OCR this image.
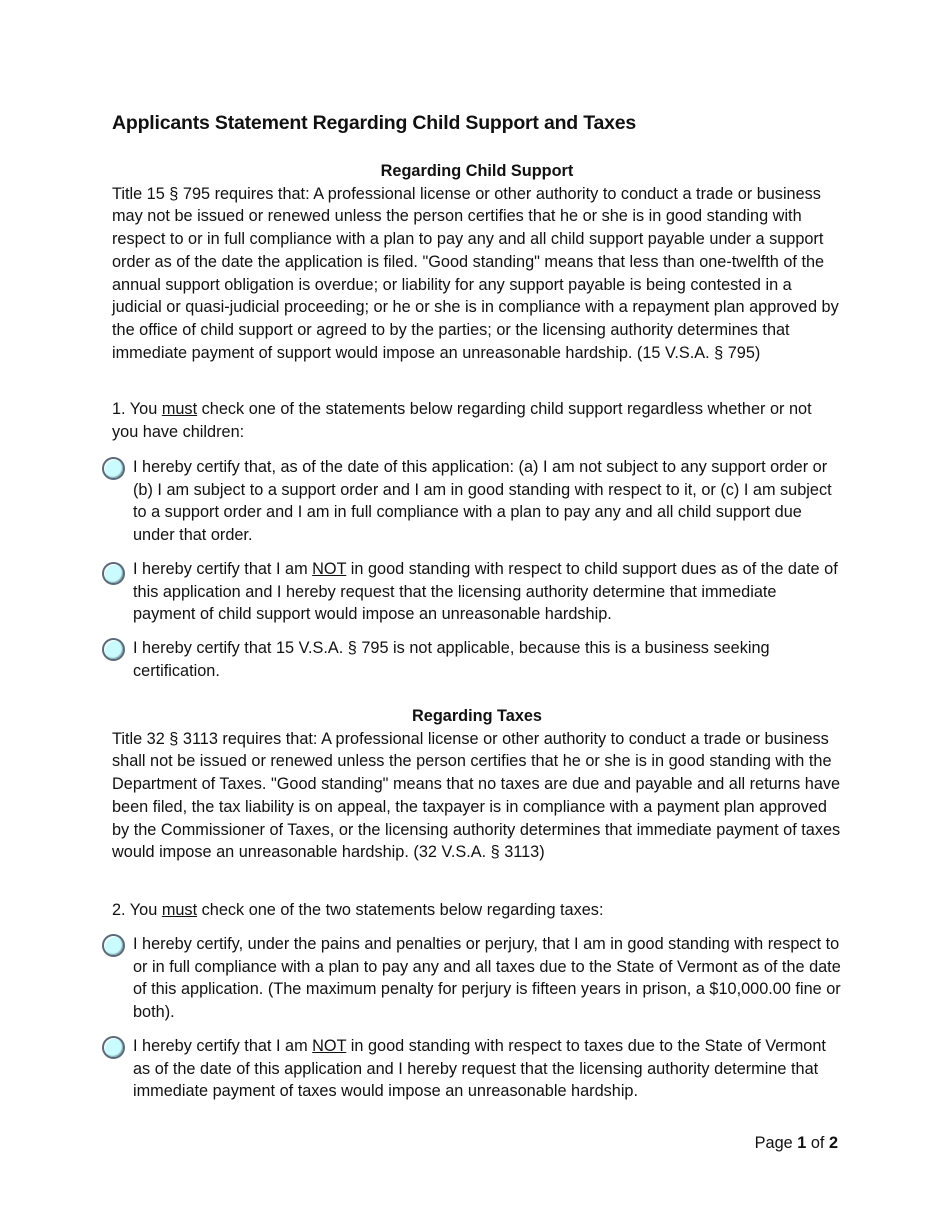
Applicants Statement Regarding Child Support and Taxes

Regarding Child Support

Title 15 § 795 requires that: A professional license or other authority to conduct a trade or business may not be issued or renewed unless the person certifies that he or she is in good standing with respect to or in full compliance with a plan to pay any and all child support payable under a support order as of the date the application is filed. "Good standing" means that less than one-twelfth of the annual support obligation is overdue; or liability for any support payable is being contested in a judicial or quasi-judicial proceeding; or he or she is in compliance with a repayment plan approved by the office of child support or agreed to by the parties; or the licensing authority determines that immediate payment of support would impose an unreasonable hardship. (15 V.S.A. § 795)

1. You must check one of the statements below regarding child support regardless whether or not you have children:

I hereby certify that, as of the date of this application: (a) I am not subject to any support order or (b) I am subject to a support order and I am in good standing with respect to it, or (c) I am subject to a support order and I am in full compliance with a plan to pay any and all child support due under that order.

I hereby certify that I am NOT in good standing with respect to child support dues as of the date of this application and I hereby request that the licensing authority determine that immediate payment of child support would impose an unreasonable hardship.

I hereby certify that 15 V.S.A. § 795 is not applicable, because this is a business seeking certification.

Regarding Taxes

Title 32 § 3113 requires that: A professional license or other authority to conduct a trade or business shall not be issued or renewed unless the person certifies that he or she is in good standing with the Department of Taxes. "Good standing" means that no taxes are due and payable and all returns have been filed, the tax liability is on appeal, the taxpayer is in compliance with a payment plan approved by the Commissioner of Taxes, or the licensing authority determines that immediate payment of taxes would impose an unreasonable hardship. (32 V.S.A. § 3113)

2. You must check one of the two statements below regarding taxes:

I hereby certify, under the pains and penalties or perjury, that I am in good standing with respect to or in full compliance with a plan to pay any and all taxes due to the State of Vermont as of the date of this application. (The maximum penalty for perjury is fifteen years in prison, a $10,000.00 fine or both).

I hereby certify that I am NOT in good standing with respect to taxes due to the State of Vermont as of the date of this application and I hereby request that the licensing authority determine that immediate payment of taxes would impose an unreasonable hardship.

Page 1 of 2
